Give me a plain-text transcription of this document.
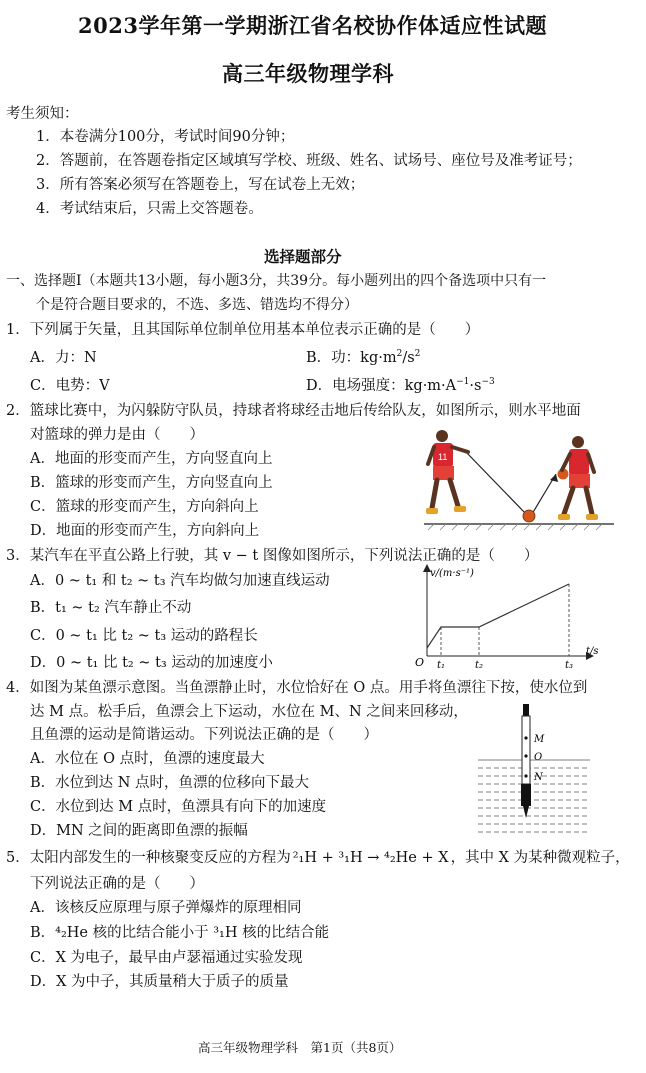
2023学年第一学期浙江省名校协作体适应性试题
高三年级物理学科
考生须知：
1．本卷满分100分，考试时间90分钟；
2．答题前，在答题卷指定区域填写学校、班级、姓名、试场号、座位号及准考证号；
3．所有答案必须写在答题卷上，写在试卷上无效；
4．考试结束后，只需上交答题卷。
选择题部分
一、选择题Ⅰ（本题共13小题，每小题3分，共39分。每小题列出的四个备选项中只有一
个是符合题目要求的，不选、多选、错选均不得分）
1．下列属于矢量，且其国际单位制单位用基本单位表示正确的是（　　）
A．力：N	B．功：$kg\cdot m^2/s^2$
C．电势：V	D．电场强度：$kg\cdot m\cdot A^{-1}\cdot s^{-3}$
2．篮球比赛中，为闪躲防守队员，持球者将球经击地后传给队友，如图所示，则水平地面
对篮球的弹力是由（　　）
A．地面的形变而产生，方向竖直向上
B．篮球的形变而产生，方向竖直向上
C．篮球的形变而产生，方向斜向上
D．地面的形变而产生，方向斜向上
11
3．某汽车在平直公路上行驶，其 v − t 图像如图所示，下列说法正确的是（　　）
A．0 ~ t₁ 和 t₂ ~ t₃ 汽车均做匀加速直线运动
B．t₁ ~ t₂ 汽车静止不动
C．0 ~ t₁ 比 t₂ ~ t₃ 运动的路程长
D．0 ~ t₁ 比 t₂ ~ t₃ 运动的加速度小
v/(m·s⁻¹)
t/s
O t₁	t₂	t₃
4．如图为某鱼漂示意图。当鱼漂静止时，水位恰好在 O 点。用手将鱼漂往下按，使水位到
达 M 点。松手后，鱼漂会上下运动，水位在 M、N 之间来回移动，
且鱼漂的运动是简谐运动。下列说法正确的是（　　）
A．水位在 O 点时，鱼漂的速度最大
B．水位到达 N 点时，鱼漂的位移向下最大
C．水位到达 M 点时，鱼漂具有向下的加速度
D．MN 之间的距离即鱼漂的振幅
M
O
N
5．太阳内部发生的一种核聚变反应的方程为 ²₁H + ³₁H → ⁴₂He + X ，其中 X 为某种微观粒子，
下列说法正确的是（　　）
A．该核反应原理与原子弹爆炸的原理相同
B．⁴₂He 核的比结合能小于 ³₁H 核的比结合能
C．X 为电子，最早由卢瑟福通过实验发现
D．X 为中子，其质量稍大于质子的质量
高三年级物理学科　第1页（共8页）
